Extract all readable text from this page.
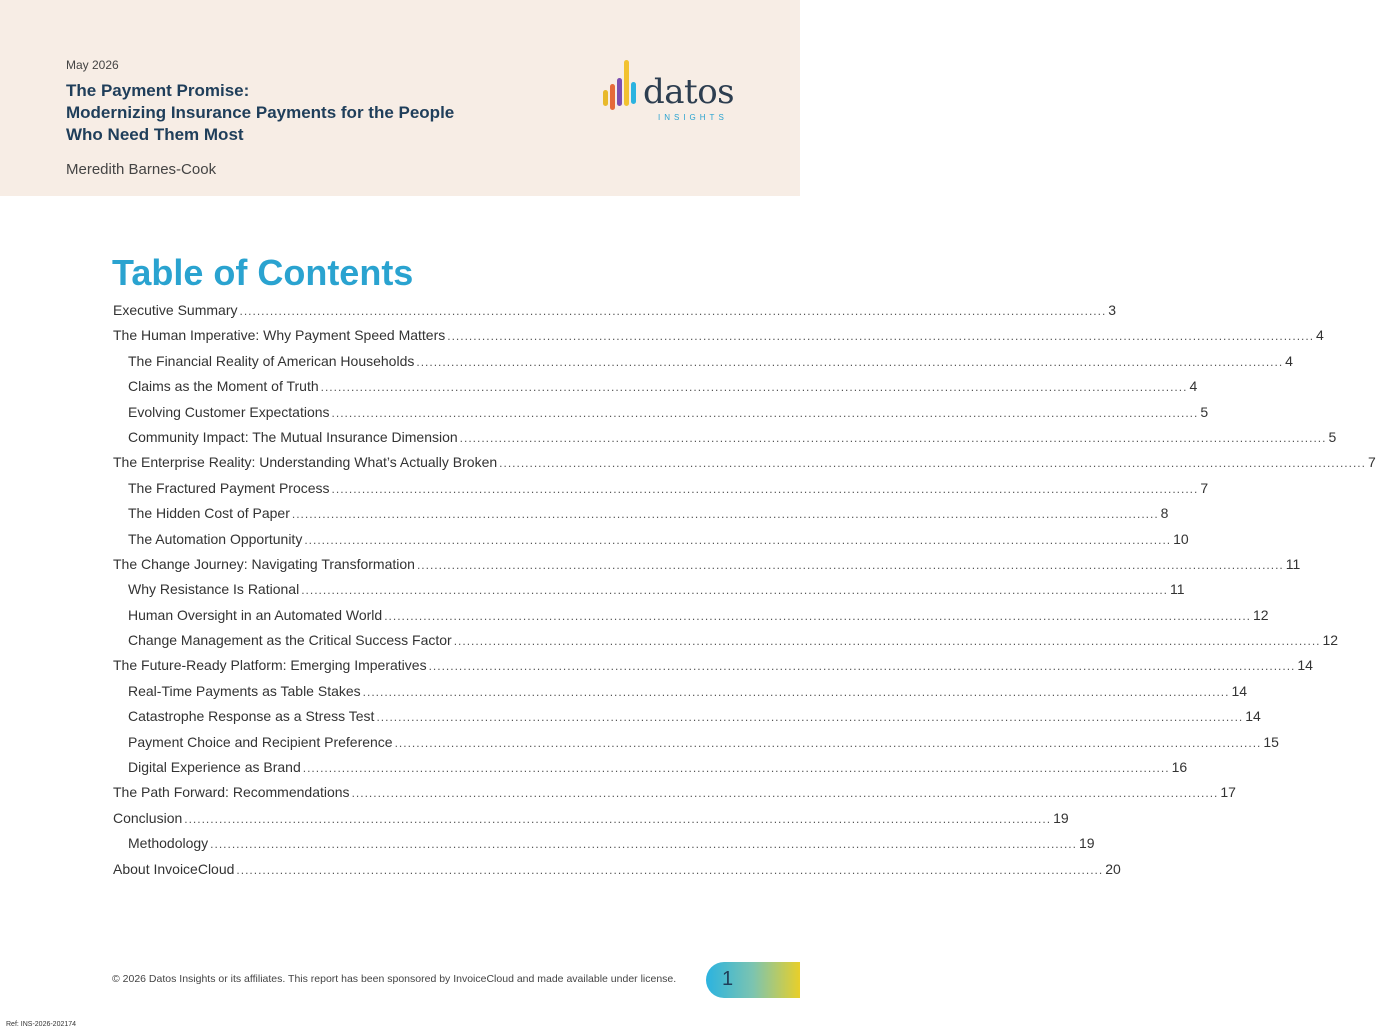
May 2026
The Payment Promise:
Modernizing Insurance Payments for the People
Who Need Them Most
Meredith Barnes-Cook
datos
INSIGHTS
Table of Contents
Executive Summary ........................................................................................................................................................................................................ 3
The Human Imperative: Why Payment Speed Matters ........................................................................................................................................................................................................ 4
The Financial Reality of American Households ........................................................................................................................................................................................................ 4
Claims as the Moment of Truth ........................................................................................................................................................................................................ 4
Evolving Customer Expectations ........................................................................................................................................................................................................ 5
Community Impact: The Mutual Insurance Dimension ........................................................................................................................................................................................................ 5
The Enterprise Reality: Understanding What’s Actually Broken ........................................................................................................................................................................................................ 7
The Fractured Payment Process ........................................................................................................................................................................................................ 7
The Hidden Cost of Paper ........................................................................................................................................................................................................ 8
The Automation Opportunity ........................................................................................................................................................................................................ 10
The Change Journey: Navigating Transformation ........................................................................................................................................................................................................ 11
Why Resistance Is Rational ........................................................................................................................................................................................................ 11
Human Oversight in an Automated World ........................................................................................................................................................................................................ 12
Change Management as the Critical Success Factor ........................................................................................................................................................................................................ 12
The Future-Ready Platform: Emerging Imperatives ........................................................................................................................................................................................................ 14
Real-Time Payments as Table Stakes ........................................................................................................................................................................................................ 14
Catastrophe Response as a Stress Test ........................................................................................................................................................................................................ 14
Payment Choice and Recipient Preference ........................................................................................................................................................................................................ 15
Digital Experience as Brand ........................................................................................................................................................................................................ 16
The Path Forward: Recommendations ........................................................................................................................................................................................................ 17
Conclusion ........................................................................................................................................................................................................ 19
Methodology ........................................................................................................................................................................................................ 19
About InvoiceCloud ........................................................................................................................................................................................................ 20
© 2026 Datos Insights or its affiliates. This report has been sponsored by InvoiceCloud and made available under license. 1
Ref: INS-2026-202174
